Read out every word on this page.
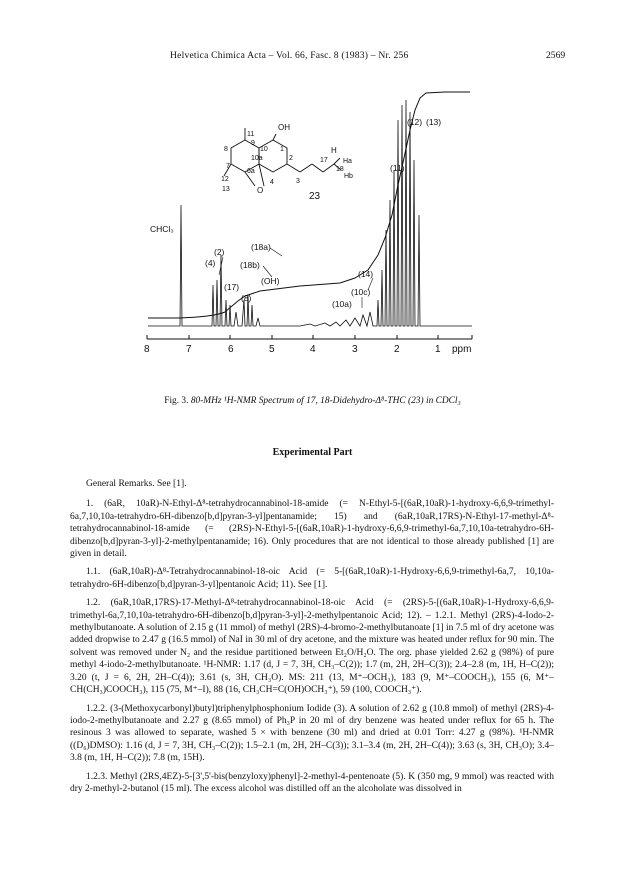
Helvetica Chimica Acta – Vol. 66, Fasc. 8 (1983) – Nr. 256	2569
8	7	6	5	4	3	2	1 ppm
CHCl₃
(2)
(4)
(18a)
(18b)
(OH)
(17)
(8)
(14)
(10c)
(10a)
(11)
(12) (13)
11
9
8	10
OH
H
10a
6a
7
12
13	O
17 Ha
18
Hb
1
2
4	3
23
Fig. 3. 80-MHz ¹H-NMR Spectrum of 17, 18-Didehydro-Δ⁸-THC (23) in CDCl₃
Experimental Part

General Remarks. See [1].

1. (6aR, 10aR)-N-Ethyl-Δ⁸-tetrahydrocannabinol-18-amide (= N-Ethyl-5-[(6aR,10aR)-1-hydroxy-6,6,9-trimethyl-6a,7,10,10a-tetrahydro-6H-dibenzo[b,d]pyran-3-yl]pentanamide; 15) and (6aR,10aR,17RS)-N-Ethyl-17-methyl-Δ⁸-tetrahydrocannabinol-18-amide (= (2RS)-N-Ethyl-5-[(6aR,10aR)-1-hydroxy-6,6,9-trimethyl-6a,7,10,10a-tetrahydro-6H-dibenzo[b,d]pyran-3-yl]-2-methylpentanamide; 16). Only procedures that are not identical to those already published [1] are given in detail.

1.1. (6aR,10aR)-Δ⁸-Tetrahydrocannabinol-18-oic Acid (= 5-[(6aR,10aR)-1-Hydroxy-6,6,9-trimethyl-6a,7, 10,10a-tetrahydro-6H-dibenzo[b,d]pyran-3-yl]pentanoic Acid; 11). See [1].

1.2. (6aR,10aR,17RS)-17-Methyl-Δ⁸-tetrahydrocannabinol-18-oic Acid (= (2RS)-5-[(6aR,10aR)-1-Hydroxy-6,6,9-trimethyl-6a,7,10,10a-tetrahydro-6H-dibenzo[b,d]pyran-3-yl]-2-methylpentanoic Acid; 12). – 1.2.1. Methyl (2RS)-4-Iodo-2-methylbutanoate. A solution of 2.15 g (11 mmol) of methyl (2RS)-4-bromo-2-methylbutanoate [1] in 7.5 ml of dry acetone was added dropwise to 2.47 g (16.5 mmol) of NaI in 30 ml of dry acetone, and the mixture was heated under reflux for 90 min. The solvent was removed under N₂ and the residue partitioned between Et₂O/H₂O. The org. phase yielded 2.62 g (98%) of pure methyl 4-iodo-2-methylbutanoate. ¹H-NMR: 1.17 (d, J = 7, 3H, CH₃–C(2)); 1.7 (m, 2H, 2H–C(3)); 2.4–2.8 (m, 1H, H–C(2)); 3.20 (t, J = 6, 2H, 2H–C(4)); 3.61 (s, 3H, CH₃O). MS: 211 (13, M⁺–OCH₃), 183 (9, M⁺–COOCH₃), 155 (6, M⁺–CH(CH₃)COOCH₃), 115 (75, M⁺–I), 88 (16, CH₃CH=C(OH)OCH₃⁺), 59 (100, COOCH₃⁺).

1.2.2. (3-(Methoxycarbonyl)butyl)triphenylphosphonium Iodide (3). A solution of 2.62 g (10.8 mmol) of methyl (2RS)-4-iodo-2-methylbutanoate and 2.27 g (8.65 mmol) of Ph₃P in 20 ml of dry benzene was heated under reflux for 65 h. The resinous 3 was allowed to separate, washed 5 × with benzene (30 ml) and dried at 0.01 Torr: 4.27 g (98%). ¹H-NMR ((D₆)DMSO): 1.16 (d, J = 7, 3H, CH₃–C(2)); 1.5–2.1 (m, 2H, 2H–C(3)); 3.1–3.4 (m, 2H, 2H–C(4)); 3.63 (s, 3H, CH₃O); 3.4–3.8 (m, 1H, H–C(2)); 7.8 (m, 15H).

1.2.3. Methyl (2RS,4EZ)-5-[3',5'-bis(benzyloxy)phenyl]-2-methyl-4-pentenoate (5). K (350 mg, 9 mmol) was reacted with dry 2-methyl-2-butanol (15 ml). The excess alcohol was distilled off an the alcoholate was dissolved in
